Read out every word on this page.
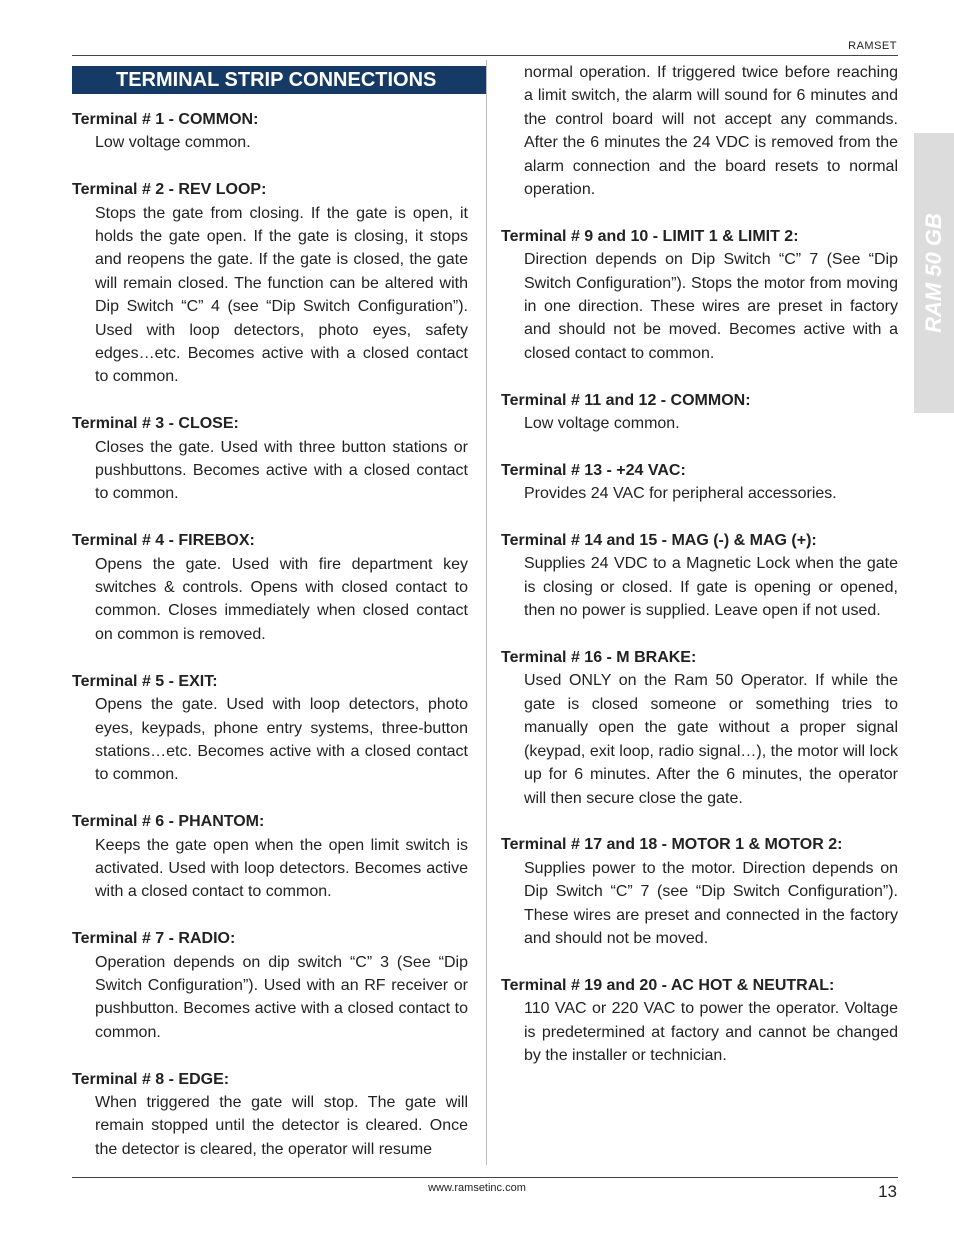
RAMSET
TERMINAL STRIP CONNECTIONS
Terminal # 1 - COMMON:
Low voltage common.
Terminal # 2 - REV LOOP:
Stops the gate from closing. If the gate is open, it holds the gate open. If the gate is closing, it stops and reopens the gate. If the gate is closed, the gate will remain closed. The function can be altered with Dip Switch “C” 4 (see “Dip Switch Configuration”). Used with loop detectors, photo eyes, safety edges…etc. Becomes active with a closed contact to common.
Terminal # 3 - CLOSE:
Closes the gate. Used with three button stations or pushbuttons. Becomes active with a closed contact to common.
Terminal # 4 - FIREBOX:
Opens the gate. Used with fire department key switches & controls. Opens with closed contact to common. Closes immediately when closed contact on common is removed.
Terminal # 5 - EXIT:
Opens the gate. Used with loop detectors, photo eyes, keypads, phone entry systems, three-button stations…etc. Becomes active with a closed contact to common.
Terminal # 6 - PHANTOM:
Keeps the gate open when the open limit switch is activated. Used with loop detectors. Becomes active with a closed contact to common.
Terminal # 7 - RADIO:
Operation depends on dip switch “C” 3 (See “Dip Switch Configuration”). Used with an RF receiver or pushbutton. Becomes active with a closed contact to common.
Terminal # 8 - EDGE:
When triggered the gate will stop. The gate will remain stopped until the detector is cleared. Once the detector is cleared, the operator will resume
normal operation. If triggered twice before reaching a limit switch, the alarm will sound for 6 minutes and the control board will not accept any commands. After the 6 minutes the 24 VDC is removed from the alarm connection and the board resets to normal operation.
Terminal # 9 and 10 - LIMIT 1 & LIMIT 2:
Direction depends on Dip Switch “C” 7 (See “Dip Switch Configuration”). Stops the motor from moving in one direction. These wires are preset in factory and should not be moved. Becomes active with a closed contact to common.
Terminal # 11 and 12 - COMMON:
Low voltage common.
Terminal # 13 - +24 VAC:
Provides 24 VAC for peripheral accessories.
Terminal # 14 and 15 - MAG (-) & MAG (+):
Supplies 24 VDC to a Magnetic Lock when the gate is closing or closed. If gate is opening or opened, then no power is supplied. Leave open if not used.
Terminal # 16 - M BRAKE:
Used ONLY on the Ram 50 Operator. If while the gate is closed someone or something tries to manually open the gate without a proper signal (keypad, exit loop, radio signal…), the motor will lock up for 6 minutes. After the 6 minutes, the operator will then secure close the gate.
Terminal # 17 and 18 - MOTOR 1 & MOTOR 2:
Supplies power to the motor. Direction depends on Dip Switch “C” 7 (see “Dip Switch Configuration”). These wires are preset and connected in the factory and should not be moved.
Terminal # 19 and 20 - AC HOT & NEUTRAL:
110 VAC or 220 VAC to power the operator. Voltage is predetermined at factory and cannot be changed by the installer or technician.
RAM 50 GB
www.ramsetinc.com	13
